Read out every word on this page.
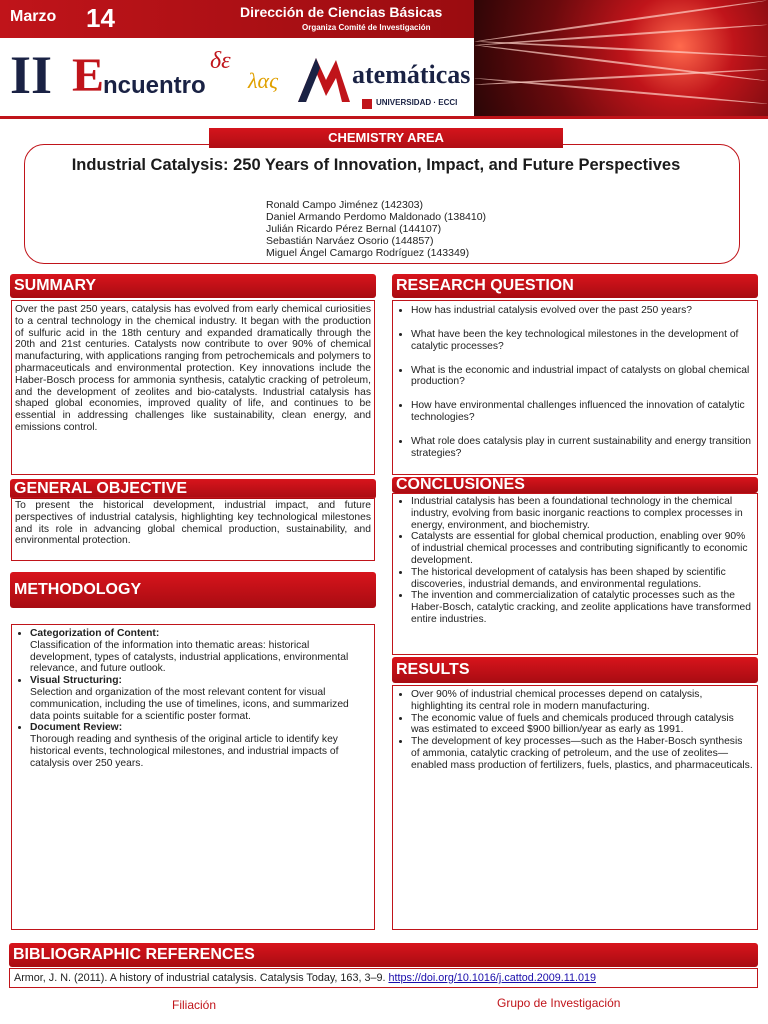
Marzo 14	Dirección de Ciencias Básicas
Organiza Comité de Investigación
II E
ncuentro
δε
λας	atemáticas
UNIVERSIDAD · ECCI
CHEMISTRY AREA
Industrial Catalysis: 250 Years of Innovation, Impact, and Future Perspectives
Ronald Campo Jiménez (142303)
Daniel Armando Perdomo Maldonado (138410)
Julián Ricardo Pérez Bernal (144107)
Sebastián Narváez Osorio (144857)
Miguel Ángel Camargo Rodríguez (143349)
SUMMARY
Over the past 250 years, catalysis has evolved from early chemical curiosities to a central technology in the chemical industry. It began with the production of sulfuric acid in the 18th century and expanded dramatically through the 20th and 21st centuries. Catalysts now contribute to over 90% of chemical manufacturing, with applications ranging from petrochemicals and polymers to pharmaceuticals and environmental protection. Key innovations include the Haber-Bosch process for ammonia synthesis, catalytic cracking of petroleum, and the development of zeolites and bio-catalysts. Industrial catalysis has shaped global economies, improved quality of life, and continues to be essential in addressing challenges like sustainability, clean energy, and emissions control.
GENERAL OBJECTIVE
To present the historical development, industrial impact, and future perspectives of industrial catalysis, highlighting key technological milestones and its role in advancing global chemical production, sustainability, and environmental protection.
METHODOLOGY
• Categorization of Content:
Classification of the information into thematic areas: historical development, types of catalysts, industrial applications, environmental relevance, and future outlook.
• Visual Structuring:
Selection and organization of the most relevant content for visual communication, including the use of timelines, icons, and summarized data points suitable for a scientific poster format.
• Document Review:
Thorough reading and synthesis of the original article to identify key historical events, technological milestones, and industrial impacts of catalysis over 250 years.
RESEARCH QUESTION
• How has industrial catalysis evolved over the past 250 years?
• What have been the key technological milestones in the development of catalytic processes?
• What is the economic and industrial impact of catalysts on global chemical production?
• How have environmental challenges influenced the innovation of catalytic technologies?
• What role does catalysis play in current sustainability and energy transition strategies?
CONCLUSIONES
• Industrial catalysis has been a foundational technology in the chemical industry, evolving from basic inorganic reactions to complex processes in energy, environment, and biochemistry.
• Catalysts are essential for global chemical production, enabling over 90% of industrial chemical processes and contributing significantly to economic development.
• The historical development of catalysis has been shaped by scientific discoveries, industrial demands, and environmental regulations.
• The invention and commercialization of catalytic processes such as the Haber-Bosch, catalytic cracking, and zeolite applications have transformed entire industries.
RESULTS
• Over 90% of industrial chemical processes depend on catalysis, highlighting its central role in modern manufacturing.
• The economic value of fuels and chemicals produced through catalysis was estimated to exceed $900 billion/year as early as 1991.
• The development of key processes—such as the Haber-Bosch synthesis of ammonia, catalytic cracking of petroleum, and the use of zeolites—enabled mass production of fertilizers, fuels, plastics, and pharmaceuticals.
BIBLIOGRAPHIC REFERENCES
Armor, J. N. (2011). A history of industrial catalysis. Catalysis Today, 163, 3–9. https://doi.org/10.1016/j.cattod.2009.11.019
Filiación	Grupo de Investigación
